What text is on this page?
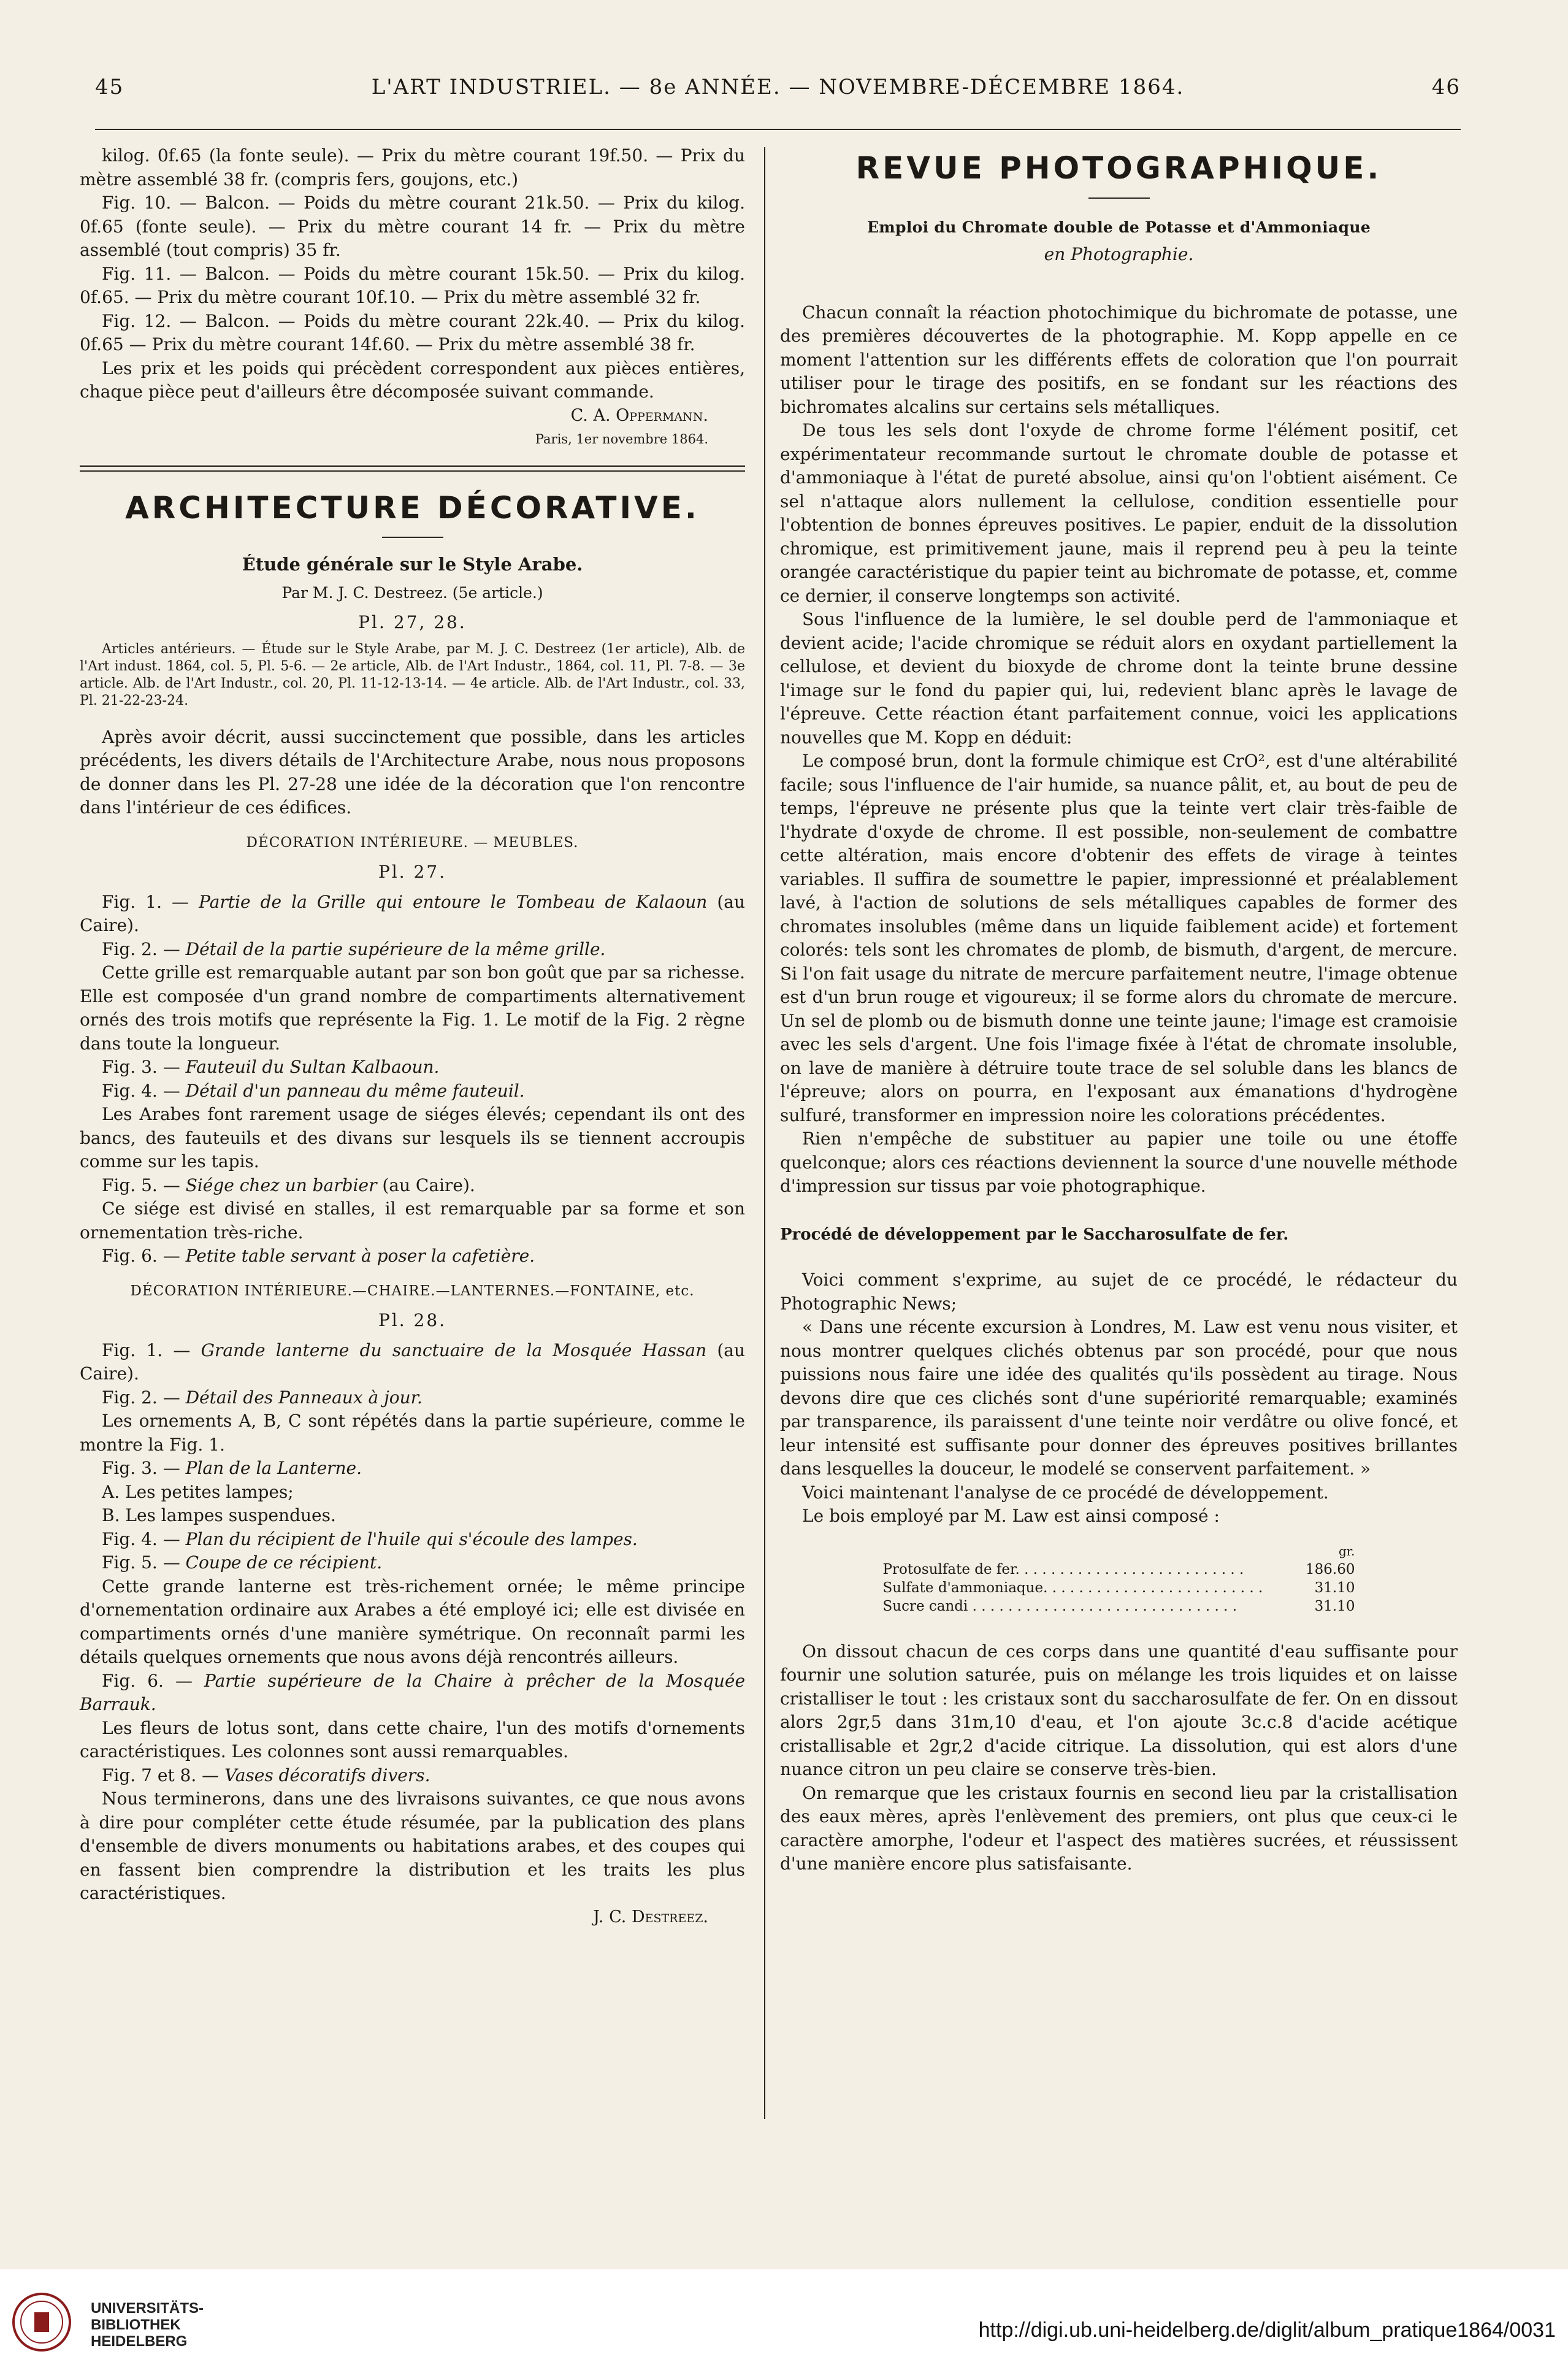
45	L'ART INDUSTRIEL. — 8e ANNÉE. — NOVEMBRE-DÉCEMBRE 1864.	46

kilog. 0f.65 (la fonte seule). — Prix du mètre courant 19f.50. — Prix du mètre assemblé 38 fr. (compris fers, goujons, etc.)

Fig. 10. — Balcon. — Poids du mètre courant 21k.50. — Prix du kilog. 0f.65 (fonte seule). — Prix du mètre courant 14 fr. — Prix du mètre assemblé (tout compris) 35 fr.

Fig. 11. — Balcon. — Poids du mètre courant 15k.50. — Prix du kilog. 0f.65. — Prix du mètre courant 10f.10. — Prix du mètre assemblé 32 fr.

Fig. 12. — Balcon. — Poids du mètre courant 22k.40. — Prix du kilog. 0f.65 — Prix du mètre courant 14f.60. — Prix du mètre assemblé 38 fr.

Les prix et les poids qui précèdent correspondent aux pièces entières, chaque pièce peut d'ailleurs être décomposée suivant commande.

C. A. Oppermann.
Paris, 1er novembre 1864.
ARCHITECTURE DÉCORATIVE.
Étude générale sur le Style Arabe.
Par M. J. C. Destreez. (5e article.)
Pl. 27, 28.
Articles antérieurs. — Étude sur le Style Arabe, par M. J. C. Destreez (1er article), Alb. de l'Art indust. 1864, col. 5, Pl. 5-6. — 2e article, Alb. de l'Art Industr., 1864, col. 11, Pl. 7-8. — 3e article. Alb. de l'Art Industr., col. 20, Pl. 11-12-13-14. — 4e article. Alb. de l'Art Industr., col. 33, Pl. 21-22-23-24.

Après avoir décrit, aussi succinctement que possible, dans les articles précédents, les divers détails de l'Architecture Arabe, nous nous proposons de donner dans les Pl. 27-28 une idée de la décoration que l'on rencontre dans l'intérieur de ces édifices.

DÉCORATION INTÉRIEURE. — MEUBLES.
Pl. 27.

Fig. 1. — Partie de la Grille qui entoure le Tombeau de Kalaoun (au Caire).

Fig. 2. — Détail de la partie supérieure de la même grille.

Cette grille est remarquable autant par son bon goût que par sa richesse. Elle est composée d'un grand nombre de compartiments alternativement ornés des trois motifs que représente la Fig. 1. Le motif de la Fig. 2 règne dans toute la longueur.

Fig. 3. — Fauteuil du Sultan Kalbaoun.

Fig. 4. — Détail d'un panneau du même fauteuil.

Les Arabes font rarement usage de siéges élevés; cependant ils ont des bancs, des fauteuils et des divans sur lesquels ils se tiennent accroupis comme sur les tapis.

Fig. 5. — Siége chez un barbier (au Caire).

Ce siége est divisé en stalles, il est remarquable par sa forme et son ornementation très-riche.

Fig. 6. — Petite table servant à poser la cafetière.

DÉCORATION INTÉRIEURE.—CHAIRE.—LANTERNES.—FONTAINE, etc.
Pl. 28.

Fig. 1. — Grande lanterne du sanctuaire de la Mosquée Hassan (au Caire).

Fig. 2. — Détail des Panneaux à jour.

Les ornements A, B, C sont répétés dans la partie supérieure, comme le montre la Fig. 1.

Fig. 3. — Plan de la Lanterne.

A. Les petites lampes;

B. Les lampes suspendues.

Fig. 4. — Plan du récipient de l'huile qui s'écoule des lampes.

Fig. 5. — Coupe de ce récipient.

Cette grande lanterne est très-richement ornée; le même principe d'ornementation ordinaire aux Arabes a été employé ici; elle est divisée en compartiments ornés d'une manière symétrique. On reconnaît parmi les détails quelques ornements que nous avons déjà rencontrés ailleurs.

Fig. 6. — Partie supérieure de la Chaire à prêcher de la Mosquée Barrauk.

Les fleurs de lotus sont, dans cette chaire, l'un des motifs d'ornements caractéristiques. Les colonnes sont aussi remarquables.

Fig. 7 et 8. — Vases décoratifs divers.

Nous terminerons, dans une des livraisons suivantes, ce que nous avons à dire pour compléter cette étude résumée, par la publication des plans d'ensemble de divers monuments ou habitations arabes, et des coupes qui en fassent bien comprendre la distribution et les traits les plus caractéristiques.

J. C. Destreez.
REVUE PHOTOGRAPHIQUE.
Emploi du Chromate double de Potasse et d'Ammoniaque
en Photographie.

Chacun connaît la réaction photochimique du bichromate de potasse, une des premières découvertes de la photographie. M. Kopp appelle en ce moment l'attention sur les différents effets de coloration que l'on pourrait utiliser pour le tirage des positifs, en se fondant sur les réactions des bichromates alcalins sur certains sels métalliques.

De tous les sels dont l'oxyde de chrome forme l'élément positif, cet expérimentateur recommande surtout le chromate double de potasse et d'ammoniaque à l'état de pureté absolue, ainsi qu'on l'obtient aisément. Ce sel n'attaque alors nullement la cellulose, condition essentielle pour l'obtention de bonnes épreuves positives. Le papier, enduit de la dissolution chromique, est primitivement jaune, mais il reprend peu à peu la teinte orangée caractéristique du papier teint au bichromate de potasse, et, comme ce dernier, il conserve longtemps son activité.

Sous l'influence de la lumière, le sel double perd de l'ammoniaque et devient acide; l'acide chromique se réduit alors en oxydant partiellement la cellulose, et devient du bioxyde de chrome dont la teinte brune dessine l'image sur le fond du papier qui, lui, redevient blanc après le lavage de l'épreuve. Cette réaction étant parfaitement connue, voici les applications nouvelles que M. Kopp en déduit:

Le composé brun, dont la formule chimique est CrO², est d'une altérabilité facile; sous l'influence de l'air humide, sa nuance pâlit, et, au bout de peu de temps, l'épreuve ne présente plus que la teinte vert clair très-faible de l'hydrate d'oxyde de chrome. Il est possible, non-seulement de combattre cette altération, mais encore d'obtenir des effets de virage à teintes variables. Il suffira de soumettre le papier, impressionné et préalablement lavé, à l'action de solutions de sels métalliques capables de former des chromates insolubles (même dans un liquide faiblement acide) et fortement colorés: tels sont les chromates de plomb, de bismuth, d'argent, de mercure. Si l'on fait usage du nitrate de mercure parfaitement neutre, l'image obtenue est d'un brun rouge et vigoureux; il se forme alors du chromate de mercure. Un sel de plomb ou de bismuth donne une teinte jaune; l'image est cramoisie avec les sels d'argent. Une fois l'image fixée à l'état de chromate insoluble, on lave de manière à détruire toute trace de sel soluble dans les blancs de l'épreuve; alors on pourra, en l'exposant aux émanations d'hydrogène sulfuré, transformer en impression noire les colorations précédentes.

Rien n'empêche de substituer au papier une toile ou une étoffe quelconque; alors ces réactions deviennent la source d'une nouvelle méthode d'impression sur tissus par voie photographique.

Procédé de développement par le Saccharosulfate de fer.

Voici comment s'exprime, au sujet de ce procédé, le rédacteur du Photographic News;

« Dans une récente excursion à Londres, M. Law est venu nous visiter, et nous montrer quelques clichés obtenus par son procédé, pour que nous puissions nous faire une idée des qualités qu'ils possèdent au tirage. Nous devons dire que ces clichés sont d'une supériorité remarquable; examinés par transparence, ils paraissent d'une teinte noir verdâtre ou olive foncé, et leur intensité est suffisante pour donner des épreuves positives brillantes dans lesquelles la douceur, le modelé se conservent parfaitement. »

Voici maintenant l'analyse de ce procédé de développement.

Le bois employé par M. Law est ainsi composé :

gr.
Protosulfate de fer. . . . . . . . . . . . . . . . . . . . . . . . . .	186.60
Sulfate d'ammoniaque. . . . . . . . . . . . . . . . . . . . . . . . .	31.10
Sucre candi . . . . . . . . . . . . . . . . . . . . . . . . . . . . . .	31.10

On dissout chacun de ces corps dans une quantité d'eau suffisante pour fournir une solution saturée, puis on mélange les trois liquides et on laisse cristalliser le tout : les cristaux sont du saccharosulfate de fer. On en dissout alors 2gr,5 dans 31m,10 d'eau, et l'on ajoute 3c.c.8 d'acide acétique cristallisable et 2gr,2 d'acide citrique. La dissolution, qui est alors d'une nuance citron un peu claire se conserve très-bien.

On remarque que les cristaux fournis en second lieu par la cristallisation des eaux mères, après l'enlèvement des premiers, ont plus que ceux-ci le caractère amorphe, l'odeur et l'aspect des matières sucrées, et réussissent d'une manière encore plus satisfaisante.

UNIVERSITÄTS-
BIBLIOTHEK
HEIDELBERG	http://digi.ub.uni-heidelberg.de/diglit/album_pratique1864/0031
